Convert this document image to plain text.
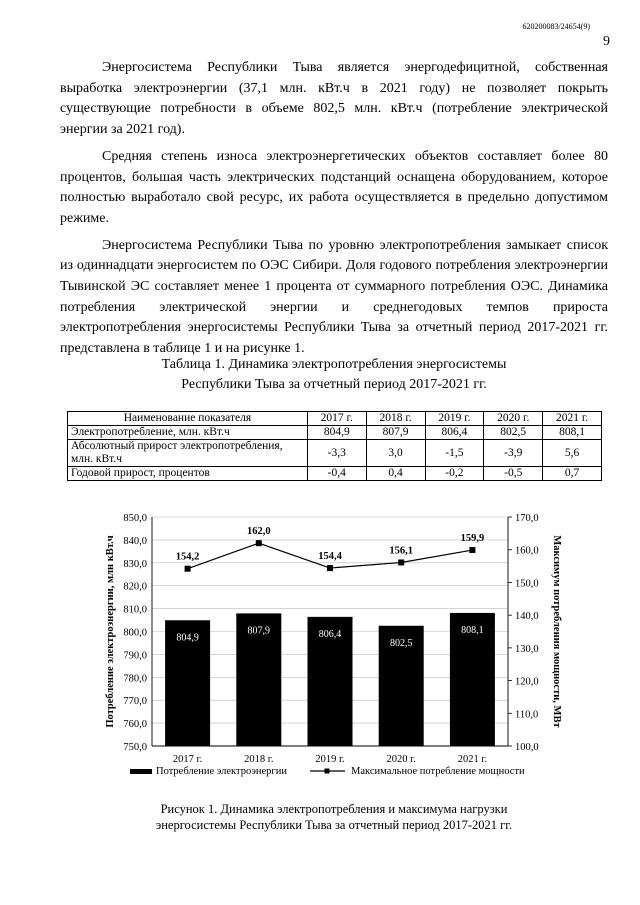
620200083/24654(9)
9

Энергосистема Республики Тыва является энергодефицитной, собственная выработка электроэнергии (37,1 млн. кВт.ч в 2021 году) не позволяет покрыть существующие потребности в объеме 802,5 млн. кВт.ч (потребление электрической энергии за 2021 год).

Средняя степень износа электроэнергетических объектов составляет более 80 процентов, большая часть электрических подстанций оснащена оборудованием, которое полностью выработало свой ресурс, их работа осуществляется в предельно допустимом режиме.

Энергосистема Республики Тыва по уровню электропотребления замыкает список из одиннадцати энергосистем по ОЭС Сибири. Доля годового потребления электроэнергии Тывинской ЭС составляет менее 1 процента от суммарного потребления ОЭС. Динамика потребления электрической энергии и среднегодовых темпов прироста электропотребления энергосистемы Республики Тыва за отчетный период 2017-2021 гг. представлена в таблице 1 и на рисунке 1.

Таблица 1. Динамика электропотребления энергосистемы
Республики Тыва за отчетный период 2017-2021 гг.
Наименование показателя	2017 г.	2018 г.	2019 г.	2020 г.	2021 г.
Электропотребление, млн. кВт.ч	804,9	807,9	806,4	802,5	808,1
Абсолютный прирост электропотребления, млн. кВт.ч	-3,3	3,0	-1,5	-3,9	5,6
Годовой прирост, процентов	-0,4	0,4	-0,2	-0,5	0,7
750,0
760,0
770,0
780,0
790,0
800,0
810,0
820,0
830,0
840,0
850,0
100,0
110,0
120,0
130,0
140,0
150,0
160,0
170,0
804,9
807,9	806,4
802,5
808,1
2017 г.	2018 г.	2019 г.	2020 г.	2021 г.
154,2
162,0
154,4
156,1
159,9
Потребление электроэнергии, млн кВт.ч	Максимум потребления мощности, МВт
Потребление электроэнергии	Максимальное потребление мощности
Рисунок 1. Динамика электропотребления и максимума нагрузки
энергосистемы Республики Тыва за отчетный период 2017-2021 гг.
